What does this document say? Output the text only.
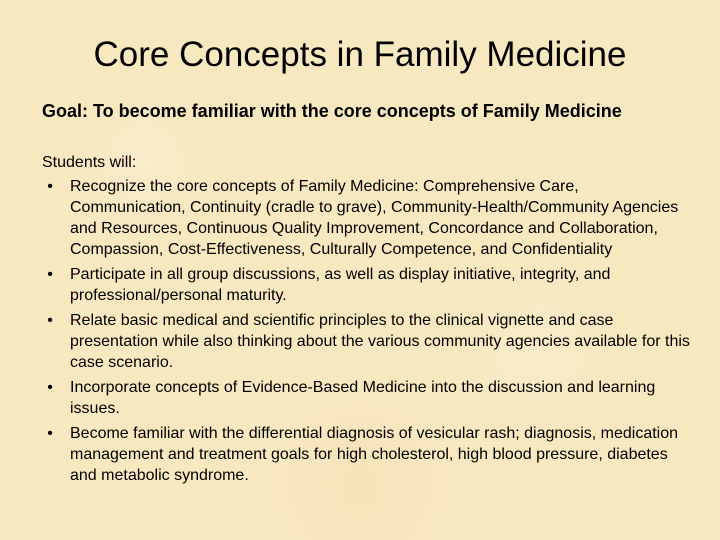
Core Concepts in Family Medicine

Goal: To become familiar with the core concepts of Family Medicine

Students will:

•	Recognize the core concepts of Family Medicine: Comprehensive Care, Communication, Continuity (cradle to grave), Community-Health/Community Agencies and Resources, Continuous Quality Improvement, Concordance and Collaboration, Compassion, Cost-Effectiveness, Culturally Competence, and Confidentiality
•	Participate in all group discussions, as well as display initiative, integrity, and professional/personal maturity.
•	Relate basic medical and scientific principles to the clinical vignette and case presentation while also thinking about the various community agencies available for this case scenario.
•	Incorporate concepts of Evidence-Based Medicine into the discussion and learning issues.
•	Become familiar with the differential diagnosis of vesicular rash; diagnosis, medication management and treatment goals for high cholesterol, high blood pressure, diabetes and metabolic syndrome.
